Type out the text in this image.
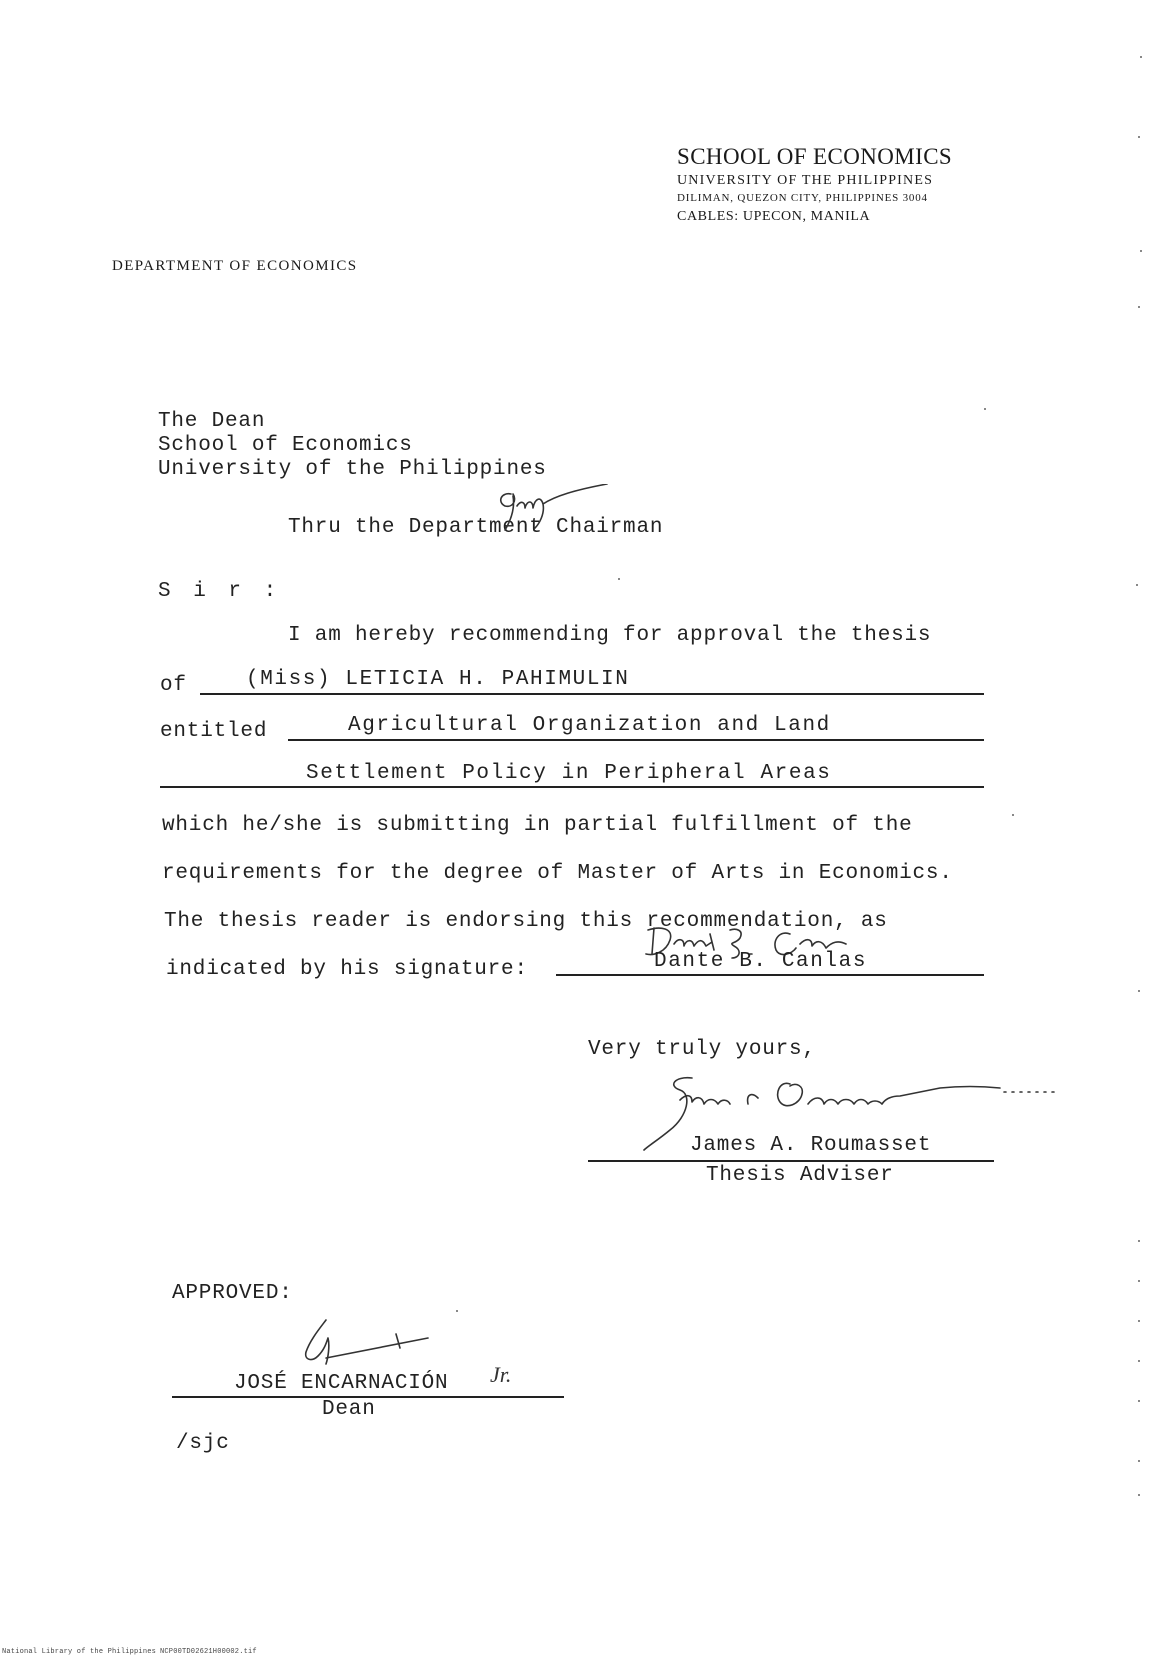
SCHOOL OF ECONOMICS
UNIVERSITY OF THE PHILIPPINES
DILIMAN, QUEZON CITY, PHILIPPINES 3004
CABLES: UPECON, MANILA
DEPARTMENT OF ECONOMICS
The Dean
School of Economics
University of the Philippines
Thru the Department Chairman
S i r :
I am hereby recommending for approval the thesis
of	(Miss) LETICIA H. PAHIMULIN
entitled	Agricultural Organization and Land
Settlement Policy in Peripheral Areas
which he/she is submitting in partial fulfillment of the
requirements for the degree of Master of Arts in Economics.
The thesis reader is endorsing this recommendation, as
indicated by his signature:	Dante B. Canlas
Very truly yours,
James A. Roumasset
Thesis Adviser
APPROVED:
JOSÉ ENCARNACIÓN Jr.
Dean
/sjc
National Library of the Philippines NCP00TD02621H00002.tif
